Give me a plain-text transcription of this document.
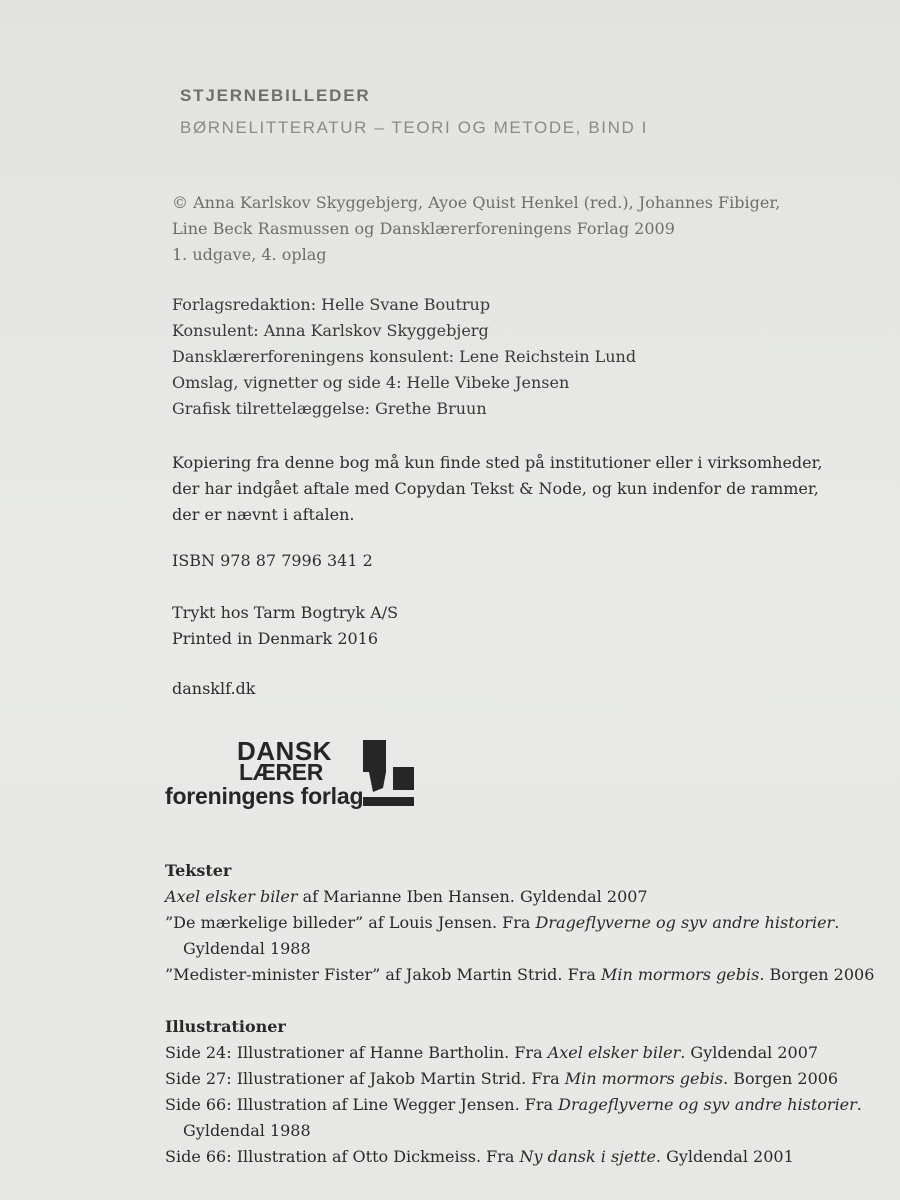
STJERNEBILLEDER
BØRNELITTERATUR – TEORI OG METODE, BIND I
© Anna Karlskov Skyggebjerg, Ayoe Quist Henkel (red.), Johannes Fibiger,
Line Beck Rasmussen og Dansklærerforeningens Forlag 2009
1. udgave, 4. oplag
Forlagsredaktion: Helle Svane Boutrup
Konsulent: Anna Karlskov Skyggebjerg
Dansklærerforeningens konsulent: Lene Reichstein Lund
Omslag, vignetter og side 4: Helle Vibeke Jensen
Grafisk tilrettelæggelse: Grethe Bruun
Kopiering fra denne bog må kun finde sted på institutioner eller i virksomheder,
der har indgået aftale med Copydan Tekst & Node, og kun indenfor de rammer,
der er nævnt i aftalen.
ISBN 978 87 7996 341 2
Trykt hos Tarm Bogtryk A/S
Printed in Denmark 2016
dansklf.dk
DANSK
LÆRER
foreningens forlag
Tekster
Axel elsker biler af Marianne Iben Hansen. Gyldendal 2007
”De mærkelige billeder” af Louis Jensen. Fra Drageflyverne og syv andre historier.
Gyldendal 1988
”Medister-minister Fister” af Jakob Martin Strid. Fra Min mormors gebis. Borgen 2006
Illustrationer
Side 24: Illustrationer af Hanne Bartholin. Fra Axel elsker biler. Gyldendal 2007
Side 27: Illustrationer af Jakob Martin Strid. Fra Min mormors gebis. Borgen 2006
Side 66: Illustration af Line Wegger Jensen. Fra Drageflyverne og syv andre historier.
Gyldendal 1988
Side 66: Illustration af Otto Dickmeiss. Fra Ny dansk i sjette. Gyldendal 2001
